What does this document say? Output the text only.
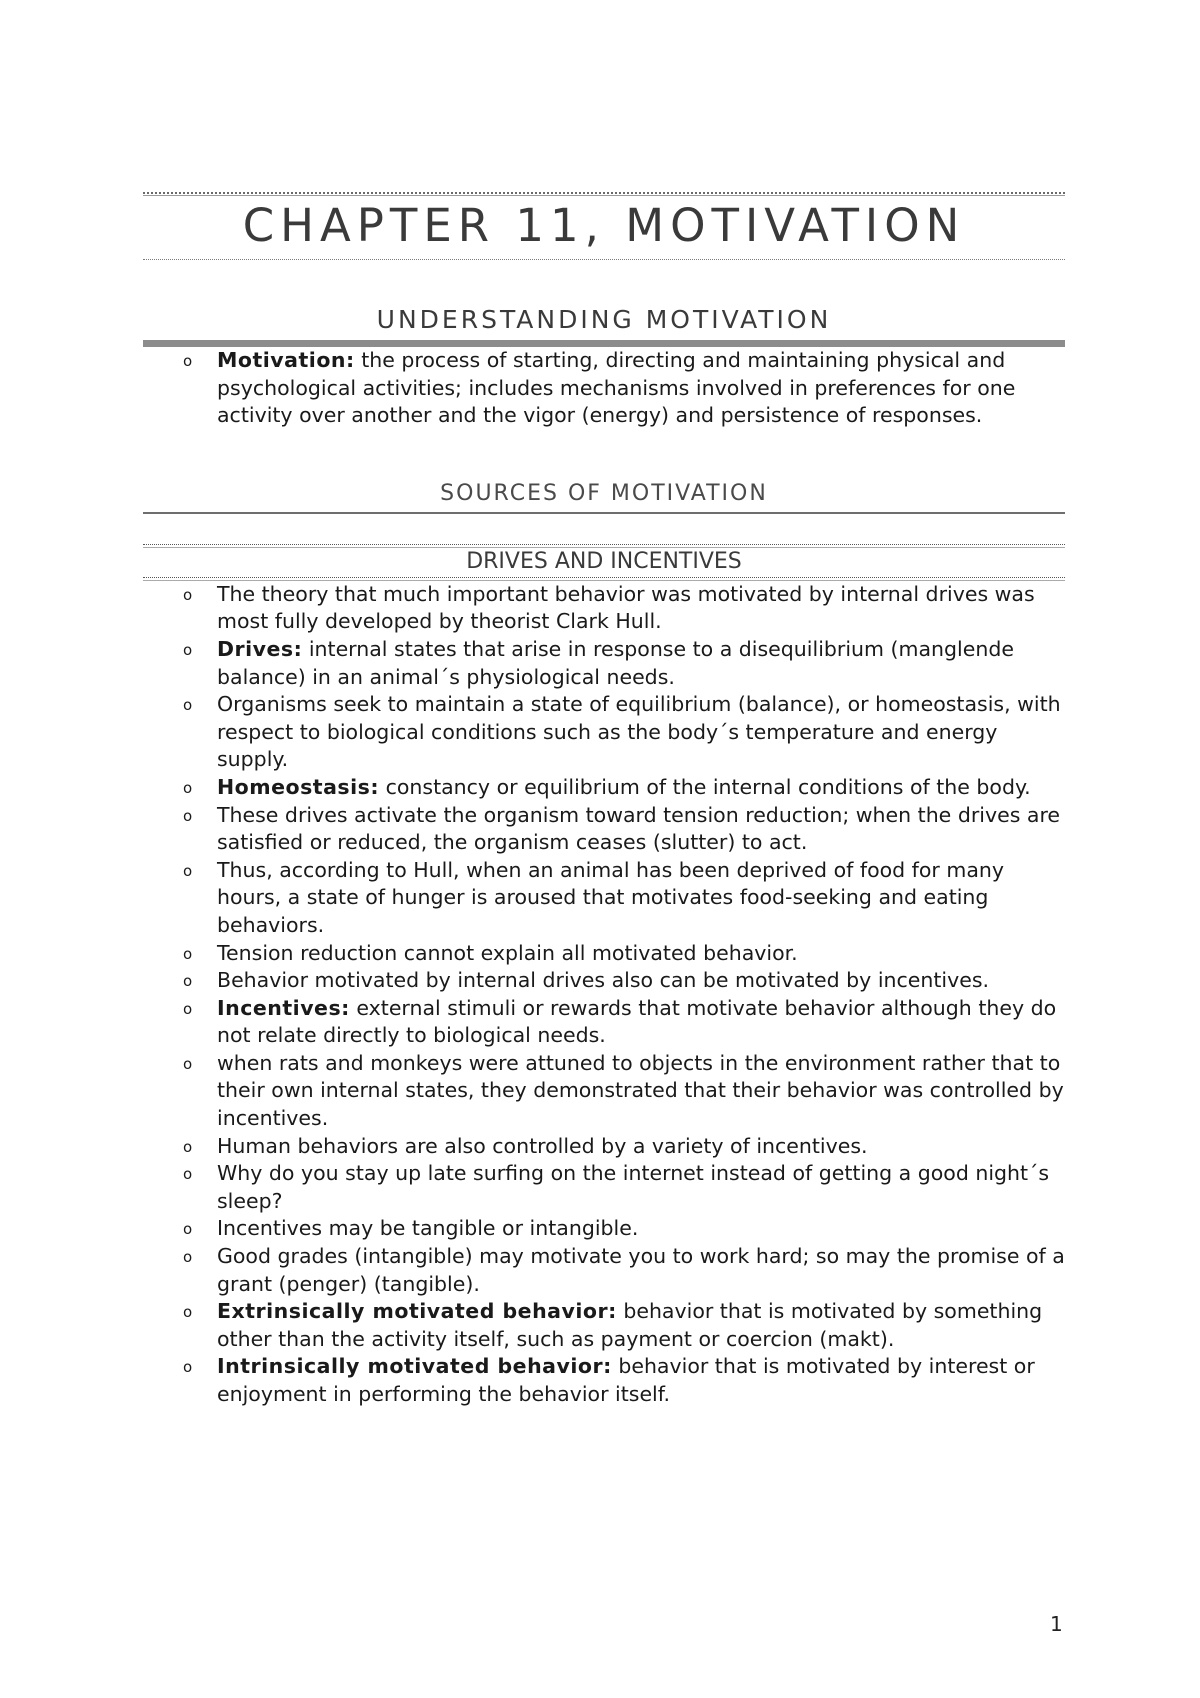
CHAPTER 11, MOTIVATION
UNDERSTANDING MOTIVATION
o Motivation: the process of starting, directing and maintaining physical and psychological activities; includes mechanisms involved in preferences for one activity over another and the vigor (energy) and persistence of responses.
SOURCES OF MOTIVATION
DRIVES AND INCENTIVES
o The theory that much important behavior was motivated by internal drives was most fully developed by theorist Clark Hull.
o Drives: internal states that arise in response to a disequilibrium (manglende balance) in an animal´s physiological needs.
o Organisms seek to maintain a state of equilibrium (balance), or homeostasis, with respect to biological conditions such as the body´s temperature and energy supply.
o Homeostasis: constancy or equilibrium of the internal conditions of the body.
o These drives activate the organism toward tension reduction; when the drives are satisfied or reduced, the organism ceases (slutter) to act.
o Thus, according to Hull, when an animal has been deprived of food for many hours, a state of hunger is aroused that motivates food-seeking and eating behaviors.
o Tension reduction cannot explain all motivated behavior.
o Behavior motivated by internal drives also can be motivated by incentives.
o Incentives: external stimuli or rewards that motivate behavior although they do not relate directly to biological needs.
o when rats and monkeys were attuned to objects in the environment rather that to their own internal states, they demonstrated that their behavior was controlled by incentives.
o Human behaviors are also controlled by a variety of incentives.
o Why do you stay up late surfing on the internet instead of getting a good night´s sleep?
o Incentives may be tangible or intangible.
o Good grades (intangible) may motivate you to work hard; so may the promise of a grant (penger) (tangible).
o Extrinsically motivated behavior: behavior that is motivated by something other than the activity itself, such as payment or coercion (makt).
o Intrinsically motivated behavior: behavior that is motivated by interest or enjoyment in performing the behavior itself.
1
